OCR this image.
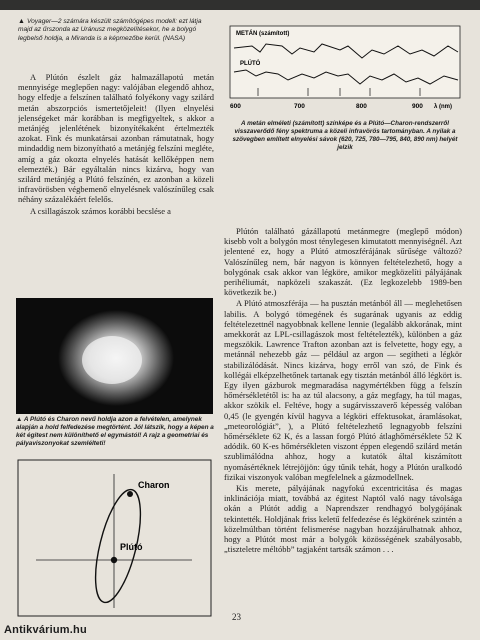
▲ Voyager—2 számára készült számítógépes modell: ezt látja majd az űrszonda az Uránusz megközelítésekor, he a bolygó legbelső holdja, a Miranda is a képmezőbe kerül. (NASA)

A Plútón észlelt gáz halmazállapotú metán mennyisége meglepően nagy: valójában elegendő ahhoz, hogy elfedje a felszínen található folyékony vagy szilárd metán abszorpciós ismertetőjeleit! (Ilyen elnyelési jelenségeket már korábban is megfigyeltek, s akkor a metánjég jelenlétének bizonyítékaként értelmezték azokat. Fink és munkatársai azonban rámutatnak, hogy mindaddig nem bizonyítható a metánjég felszíni megléte, amíg a gáz okozta elnyelés hatását kellőképpen nem elemezték.) Bár egyáltalán nincs kizárva, hogy van szilárd metánjég a Plútó felszínén, ez azonban a közeli infravörösben végbemenő elnyelésnek valószínűleg csak néhány százalékáért felelős.

A csillagászok számos korábbi becslése a

METÁN (számított)
PLÚTÓ
600	700	800	900 λ (nm)
A metán elméleti (számított) színképe és a Plútó—Charon-rendszerről visszaverődő fény spektruma a közeli infravörös tartományban. A nyilak a szövegben említett elnyelési sávok (620, 725, 780—795, 840, 890 nm) helyét jelzik

Plútón található gázállapotú metánmegre (meglepő módon) kisebb volt a bolygón most ténylegesen kimutatott mennyiségnél. Azt jelentené ez, hogy a Plútó atmoszférájának sűrűsége változó? Valószínűleg nem, bár nagyon is könnyen feltételezhető, hogy a bolygónak csak akkor van légköre, amikor megközelíti pályájának perihéliumát, napközeli szakaszát. (Ez legkozelebb 1989-ben következik be.)

A Plútó atmoszférája — ha pusztán metánból áll — meglehetősen labilis. A bolygó tömegének és sugarának ugyanis az eddig feltételezettnél nagyobbnak kellene lennie (legalább akkorának, mint amekkorát az LPL-csillagászok most feltételezték), különben a gáz megszökik. Lawrence Trafton azonban azt is felvetette, hogy egy, a metánnál nehezebb gáz — például az argon — segítheti a légkör stabilizálódását. Nincs kizárva, hogy erről van szó, de Fink és kollégái elképzelhetőnek tartanak egy tisztán metánból álló légkört is. Egy ilyen gázburok megmaradása nagymértékben függ a felszín hőmérsékletétől is: ha az túl alacsony, a gáz megfagy, ha túl magas, akkor szökik el. Feltéve, hogy a sugárvisszaverő képesség valóban 0,45 (le gyengén kívül hagyva a légköri effektusokat, áramlásokat, „meteorológiát”, ), a Plútó feltételezhető legnagyobb felszíni hőmérséklete 62 K, és a lassan forgó Plútó átlaghőmérséklete 52 K adódik. 60 K-es hőmérsékleten viszont éppen elegendő szilárd metán szublimálódna ahhoz, hogy a kutatók által kiszámított nyomásértéknek létrejöjjön: úgy tűnik tehát, hogy a Plútón uralkodó fizikai viszonyok valóban megfelelnek a gázmodellnek.

Kis merete, pályájának nagyfokú excentricitása és magas inklinációja miatt, továbbá az égitest Naptól való nagy távolsága okán a Plútót addig a Naprendszer rendhagyó bolygójának tekintették. Holdjának friss keletű felfedezése és légkörének szintén a közelmúltban történt felismerése nagyban hozzájárulhatnak ahhoz, hogy a Plútót most már a bolygók közösségének szabályosabb, „tiszteletre méltóbb” tagjaként tartsák számon . . .

▲ A Plútó és Charon nevű holdja azon a felvételen, amelynek alapján a hold felfedezése megtörtént. Jól látszik, hogy a képen a két égitest nem különíthető el egymástól! A rajz a geometriai és pályaviszonyokat szemlélteti!
Charon
Plútó
23
Antikvárium.hu
